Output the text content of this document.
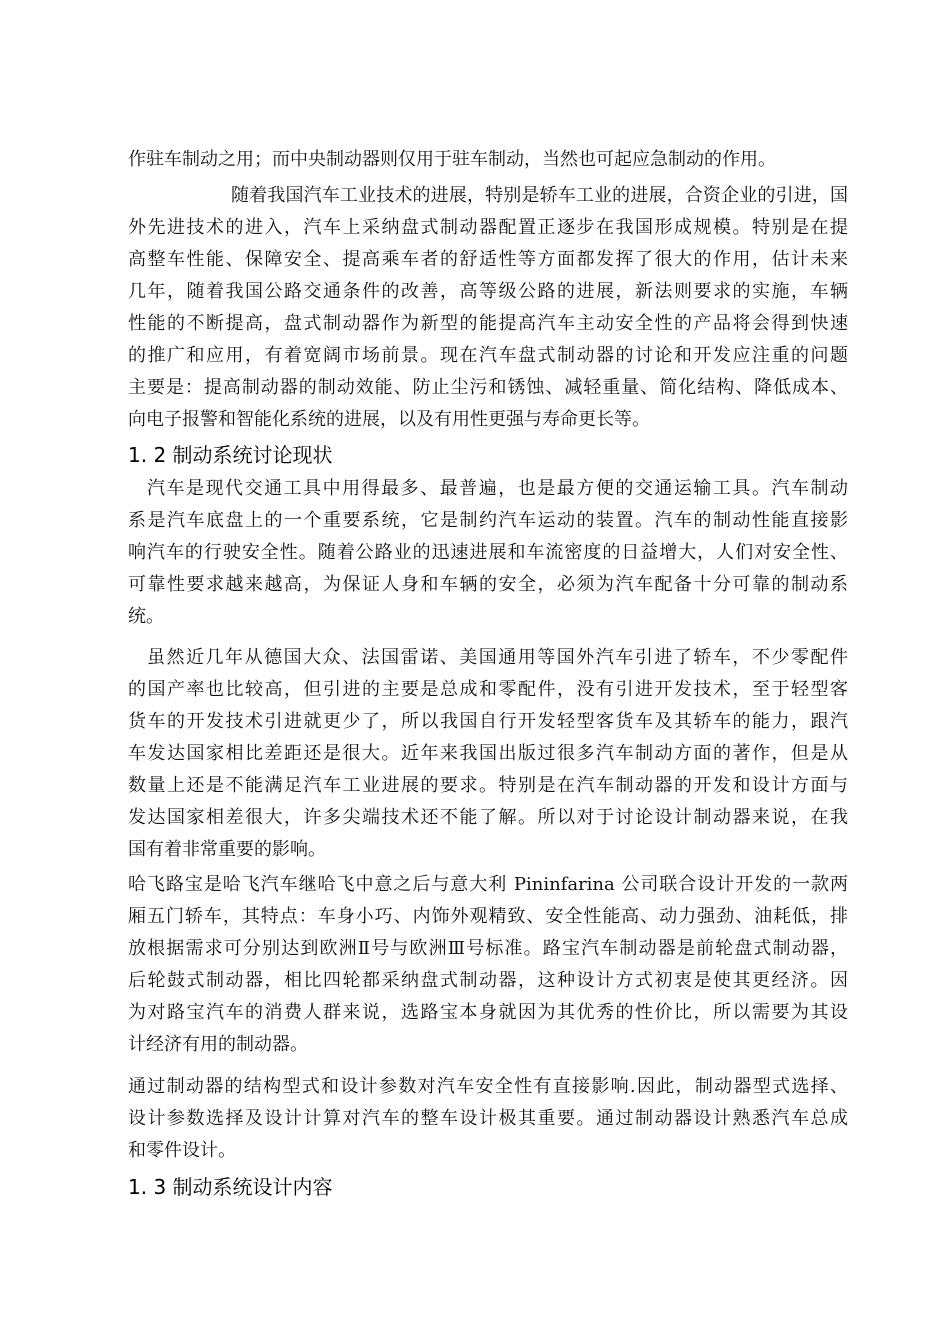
作驻车制动之用；而中央制动器则仅用于驻车制动，当然也可起应急制动的作用。
随着我国汽车工业技术的进展，特别是轿车工业的进展，合资企业的引进，国
外先进技术的进入，汽车上采纳盘式制动器配置正逐步在我国形成规模。特别是在提
高整车性能、保障安全、提高乘车者的舒适性等方面都发挥了很大的作用，估计未来
几年，随着我国公路交通条件的改善，高等级公路的进展，新法则要求的实施，车辆
性能的不断提高，盘式制动器作为新型的能提高汽车主动安全性的产品将会得到快速
的推广和应用，有着宽阔市场前景。现在汽车盘式制动器的讨论和开发应注重的问题
主要是：提高制动器的制动效能、防止尘污和锈蚀、减轻重量、简化结构、降低成本、
向电子报警和智能化系统的进展，以及有用性更强与寿命更长等。
1. 2 制动系统讨论现状
汽车是现代交通工具中用得最多、最普遍，也是最方便的交通运输工具。汽车制动
系是汽车底盘上的一个重要系统，它是制约汽车运动的装置。汽车的制动性能直接影
响汽车的行驶安全性。随着公路业的迅速进展和车流密度的日益增大，人们对安全性、
可靠性要求越来越高，为保证人身和车辆的安全，必须为汽车配备十分可靠的制动系
统。
虽然近几年从德国大众、法国雷诺、美国通用等国外汽车引进了轿车，不少零配件
的国产率也比较高，但引进的主要是总成和零配件，没有引进开发技术，至于轻型客
货车的开发技术引进就更少了，所以我国自行开发轻型客货车及其轿车的能力，跟汽
车发达国家相比差距还是很大。近年来我国出版过很多汽车制动方面的著作，但是从
数量上还是不能满足汽车工业进展的要求。特别是在汽车制动器的开发和设计方面与
发达国家相差很大，许多尖端技术还不能了解。所以对于讨论设计制动器来说，在我
国有着非常重要的影响。
哈飞路宝是哈飞汽车继哈飞中意之后与意大利 Pininfarina 公司联合设计开发的一款两
厢五门轿车，其特点：车身小巧、内饰外观精致、安全性能高、动力强劲、油耗低，排
放根据需求可分别达到欧洲Ⅱ号与欧洲Ⅲ号标准。路宝汽车制动器是前轮盘式制动器，
后轮鼓式制动器，相比四轮都采纳盘式制动器，这种设计方式初衷是使其更经济。因
为对路宝汽车的消费人群来说，选路宝本身就因为其优秀的性价比，所以需要为其设
计经济有用的制动器。
通过制动器的结构型式和设计参数对汽车安全性有直接影响.因此，制动器型式选择、
设计参数选择及设计计算对汽车的整车设计极其重要。通过制动器设计熟悉汽车总成
和零件设计。
1. 3 制动系统设计内容
